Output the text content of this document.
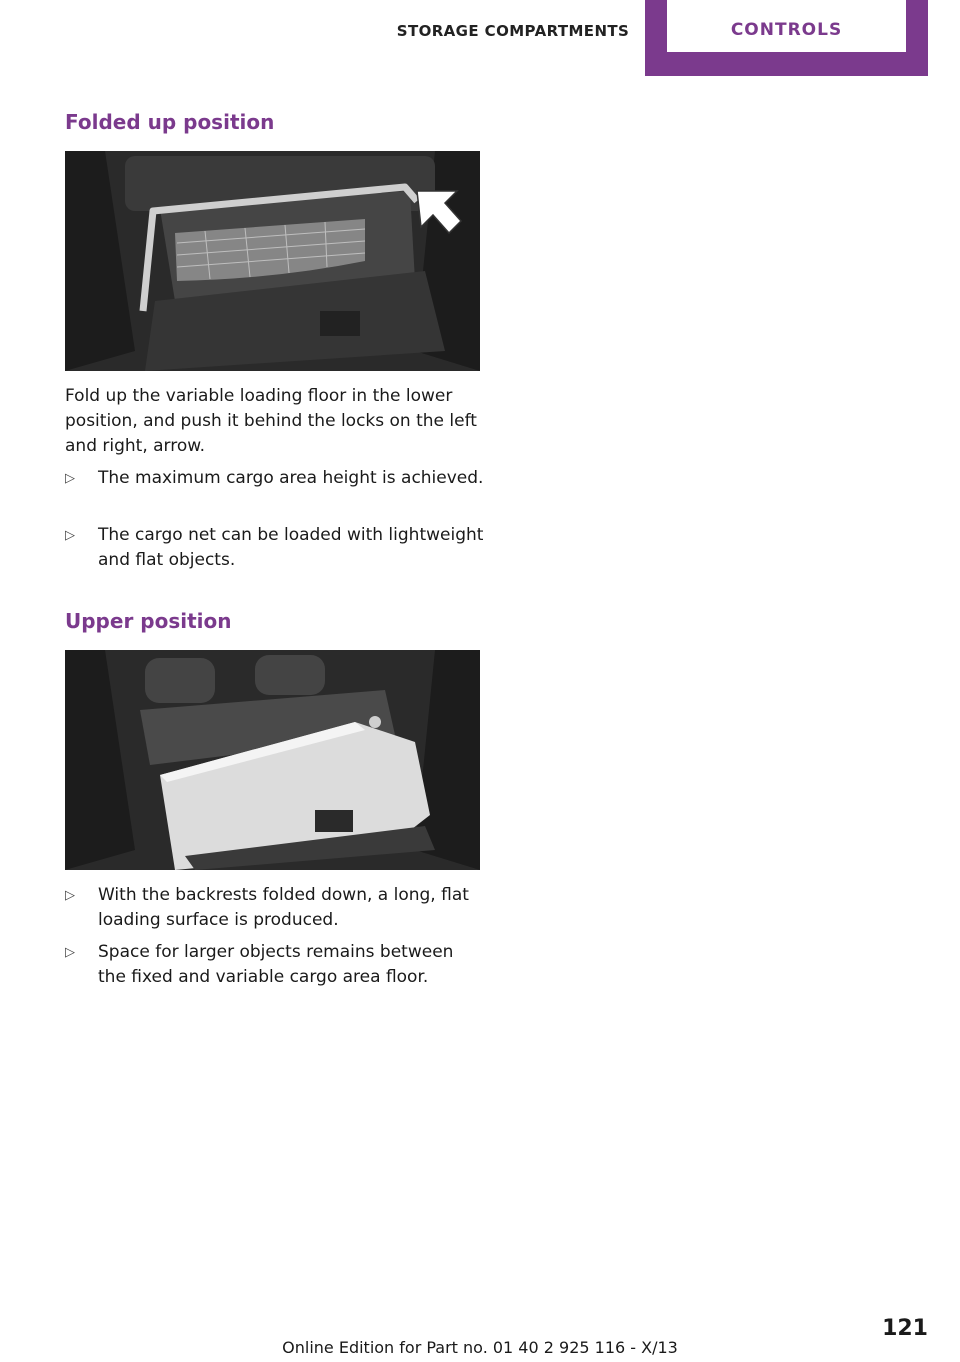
STORAGE COMPARTMENTS	CONTROLS
Folded up position

Fold up the variable loading floor in the lower position, and push it behind the locks on the left and right, arrow.

▷ The maximum cargo area height is achieved.
▷ The cargo net can be loaded with lightweight and flat objects.
Upper position
▷ With the backrests folded down, a long, flat loading surface is produced.
▷ Space for larger objects remains between the fixed and variable cargo area floor.
121
Online Edition for Part no. 01 40 2 925 116 - X/13
